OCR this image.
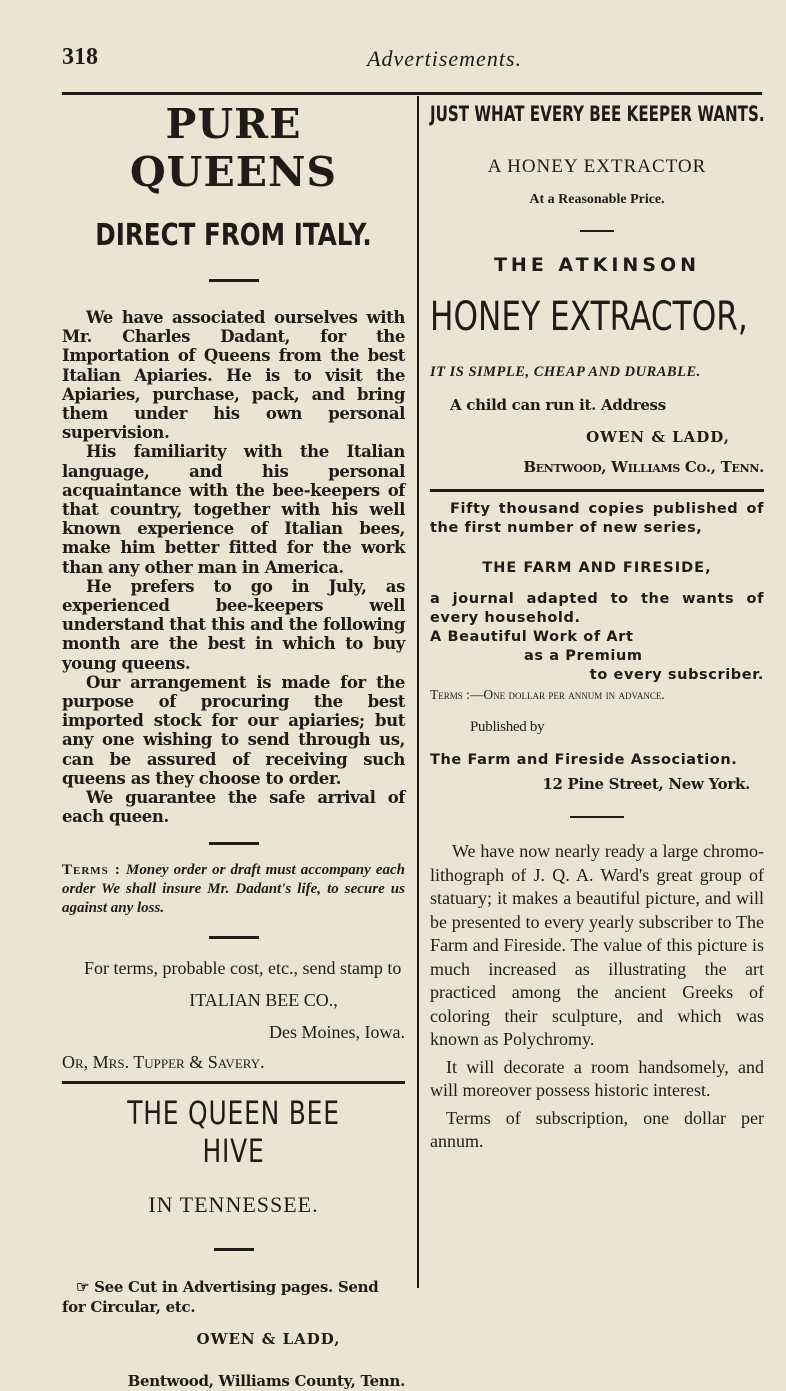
318	Advertisements.
PURE QUEENS
DIRECT FROM ITALY.

We have associated ourselves with Mr. Charles Dadant, for the Importation of Queens from the best Italian Apiaries. He is to visit the Apiaries, purchase, pack, and bring them under his own personal supervision.

His familiarity with the Italian language, and his personal acquaintance with the bee-keepers of that country, together with his well known experience of Italian bees, make him better fitted for the work than any other man in America.

He prefers to go in July, as experienced bee-keepers well understand that this and the following month are the best in which to buy young queens.

Our arrangement is made for the purpose of procuring the best imported stock for our apiaries; but any one wishing to send through us, can be assured of receiving such queens as they choose to order.

We guarantee the safe arrival of each queen.

Terms : Money order or draft must accompany each order We shall insure Mr. Dadant's life, to secure us against any loss.

For terms, probable cost, etc., send stamp to

ITALIAN BEE CO.,

Des Moines, Iowa.

Or, Mrs. Tupper & Savery.

THE QUEEN BEE HIVE
IN TENNESSEE.

☞ See Cut in Advertising pages. Send for Circular, etc.

OWEN & LADD,

Bentwood, Williams County, Tenn.

JUST WHAT EVERY BEE KEEPER WANTS.
A HONEY EXTRACTOR
At a Reasonable Price.
THE ATKINSON
HONEY EXTRACTOR,
IT IS SIMPLE, CHEAP AND DURABLE.

A child can run it. Address

OWEN & LADD,

Bentwood, Williams Co., Tenn.

Fifty thousand copies published of the first number of new series,

THE FARM AND FIRESIDE,

a journal adapted to the wants of every household.

A Beautiful Work of Art

as a Premium

to every subscriber.

Terms :—One dollar per annum in advance.

Published by

The Farm and Fireside Association.

12 Pine Street, New York.

We have now nearly ready a large chromo-lithograph of J. Q. A. Ward's great group of statuary; it makes a beautiful picture, and will be presented to every yearly subscriber to The Farm and Fireside. The value of this picture is much increased as illustrating the art practiced among the ancient Greeks of coloring their sculpture, and which was known as Polychromy.

It will decorate a room handsomely, and will moreover possess historic interest.

Terms of subscription, one dollar per annum.
